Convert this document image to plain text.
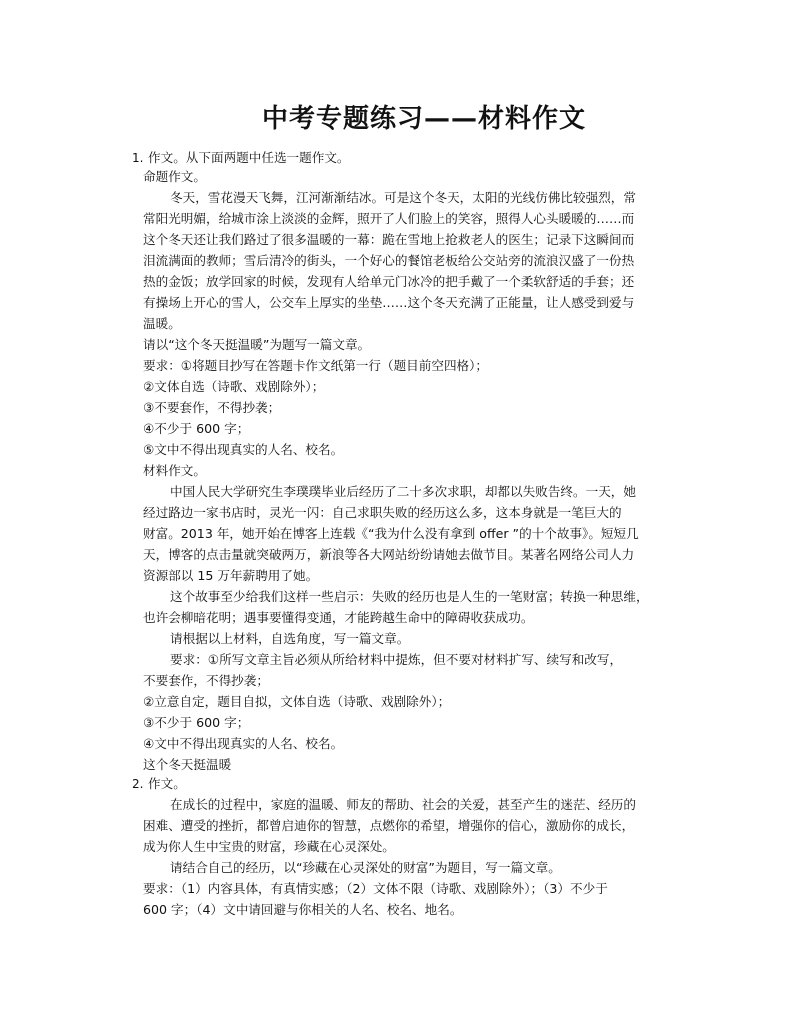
中考专题练习——材料作文
1. 作文。从下面两题中任选一题作文。
命题作文。
冬天，雪花漫天飞舞，江河渐渐结冰。可是这个冬天，太阳的光线仿佛比较强烈，常
常阳光明媚，给城市涂上淡淡的金辉，照开了人们脸上的笑容，照得人心头暖暖的……而
这个冬天还让我们路过了很多温暖的一幕：跪在雪地上抢救老人的医生；记录下这瞬间而
泪流满面的教师；雪后清冷的街头，一个好心的餐馆老板给公交站旁的流浪汉盛了一份热
热的金饭；放学回家的时候，发现有人给单元门冰冷的把手戴了一个柔软舒适的手套；还
有操场上开心的雪人，公交车上厚实的坐垫……这个冬天充满了正能量，让人感受到爱与
温暖。
请以“这个冬天挺温暖”为题写一篇文章。
要求：①将题目抄写在答题卡作文纸第一行（题目前空四格）；
②文体自选（诗歌、戏剧除外）；
③不要套作，不得抄袭；
④不少于 600 字；
⑤文中不得出现真实的人名、校名。
材料作文。
中国人民大学研究生李璞璞毕业后经历了二十多次求职，却都以失败告终。一天，她
经过路边一家书店时，灵光一闪：自己求职失败的经历这么多，这本身就是一笔巨大的
财富。2013 年，她开始在博客上连载《“我为什么没有拿到 offer ”的十个故事》。短短几
天，博客的点击量就突破两万，新浪等各大网站纷纷请她去做节目。某著名网络公司人力
资源部以 15 万年薪聘用了她。
这个故事至少给我们这样一些启示：失败的经历也是人生的一笔财富；转换一种思维，
也许会柳暗花明；遇事要懂得变通，才能跨越生命中的障碍收获成功。
请根据以上材料，自选角度，写一篇文章。
要求：①所写文章主旨必须从所给材料中提炼，但不要对材料扩写、续写和改写，
不要套作，不得抄袭；
②立意自定，题目自拟，文体自选（诗歌、戏剧除外）；
③不少于 600 字；
④文中不得出现真实的人名、校名。
这个冬天挺温暖
2. 作文。
在成长的过程中，家庭的温暖、师友的帮助、社会的关爱，甚至产生的迷茫、经历的
困难、遭受的挫折，都曾启迪你的智慧，点燃你的希望，增强你的信心，激励你的成长，
成为你人生中宝贵的财富，珍藏在心灵深处。
请结合自己的经历，以“珍藏在心灵深处的财富”为题目，写一篇文章。
要求：（1）内容具体，有真情实感；（2）文体不限（诗歌、戏剧除外）；（3）不少于
600 字；（4）文中请回避与你相关的人名、校名、地名。
